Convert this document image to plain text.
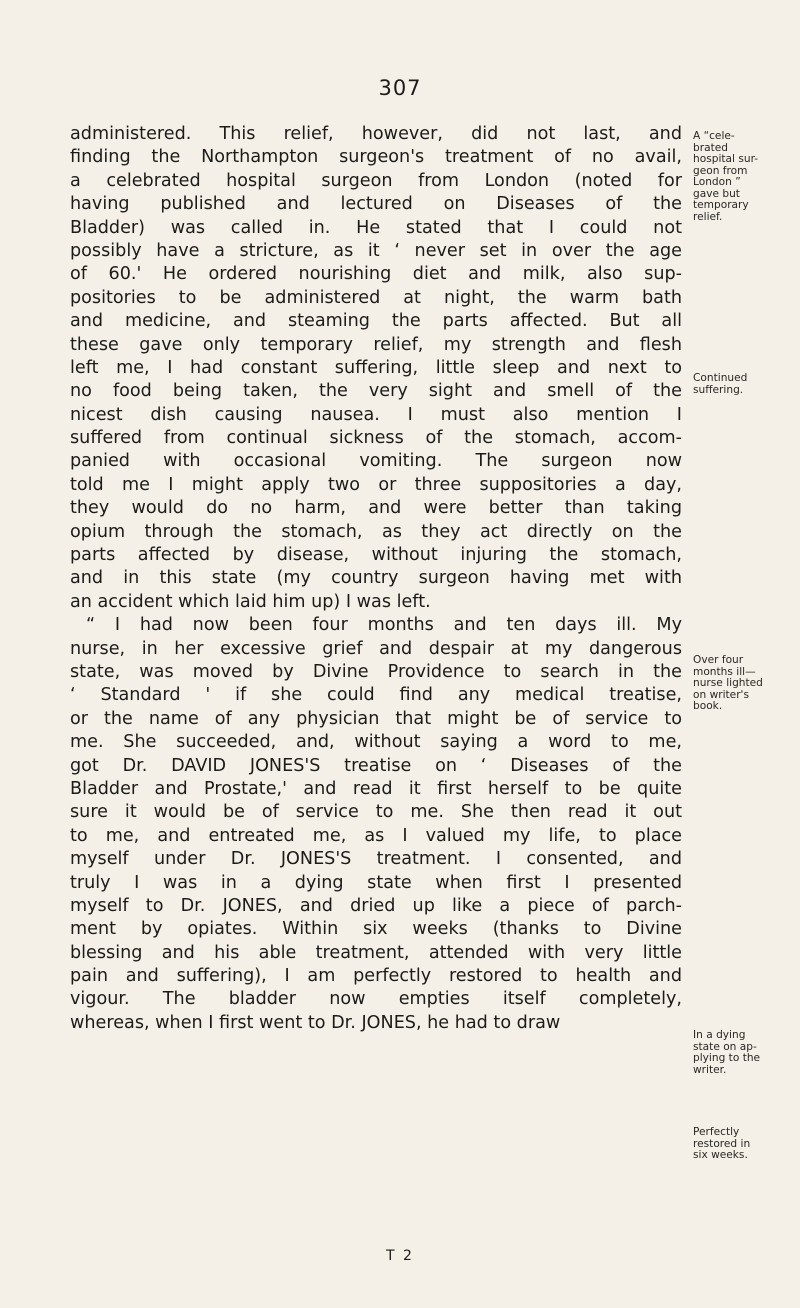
307
administered. This relief, however, did not last, and
finding the Northampton surgeon's treatment of no avail,
a celebrated hospital surgeon from London (noted for
having published and lectured on Diseases of the
Bladder) was called in. He stated that I could not
possibly have a stricture, as it ‘ never set in over the age
of 60.' He ordered nourishing diet and milk, also sup-
positories to be administered at night, the warm bath
and medicine, and steaming the parts affected. But all
these gave only temporary relief, my strength and flesh
left me, I had constant suffering, little sleep and next to
no food being taken, the very sight and smell of the
nicest dish causing nausea. I must also mention I
suffered from continual sickness of the stomach, accom-
panied with occasional vomiting. The surgeon now
told me I might apply two or three suppositories a day,
they would do no harm, and were better than taking
opium through the stomach, as they act directly on the
parts affected by disease, without injuring the stomach,
and in this state (my country surgeon having met with
an accident which laid him up) I was left.
“ I had now been four months and ten days ill. My
nurse, in her excessive grief and despair at my dangerous
state, was moved by Divine Providence to search in the
‘ Standard ' if she could find any medical treatise,
or the name of any physician that might be of service to
me. She succeeded, and, without saying a word to me,
got Dr. DAVID JONES'S treatise on ‘ Diseases of the
Bladder and Prostate,' and read it first herself to be quite
sure it would be of service to me. She then read it out
to me, and entreated me, as I valued my life, to place
myself under Dr. JONES'S treatment. I consented, and
truly I was in a dying state when first I presented
myself to Dr. JONES, and dried up like a piece of parch-
ment by opiates. Within six weeks (thanks to Divine
blessing and his able treatment, attended with very little
pain and suffering), I am perfectly restored to health and
vigour. The bladder now empties itself completely,
whereas, when I first went to Dr. JONES, he had to draw
A “cele-
brated
hospital sur-
geon from
London ”
gave but
temporary
relief.
Continued
suffering.
Over four
months ill—
nurse lighted
on writer's
book.
In a dying
state on ap-
plying to the
writer.
Perfectly
restored in
six weeks.
T 2
